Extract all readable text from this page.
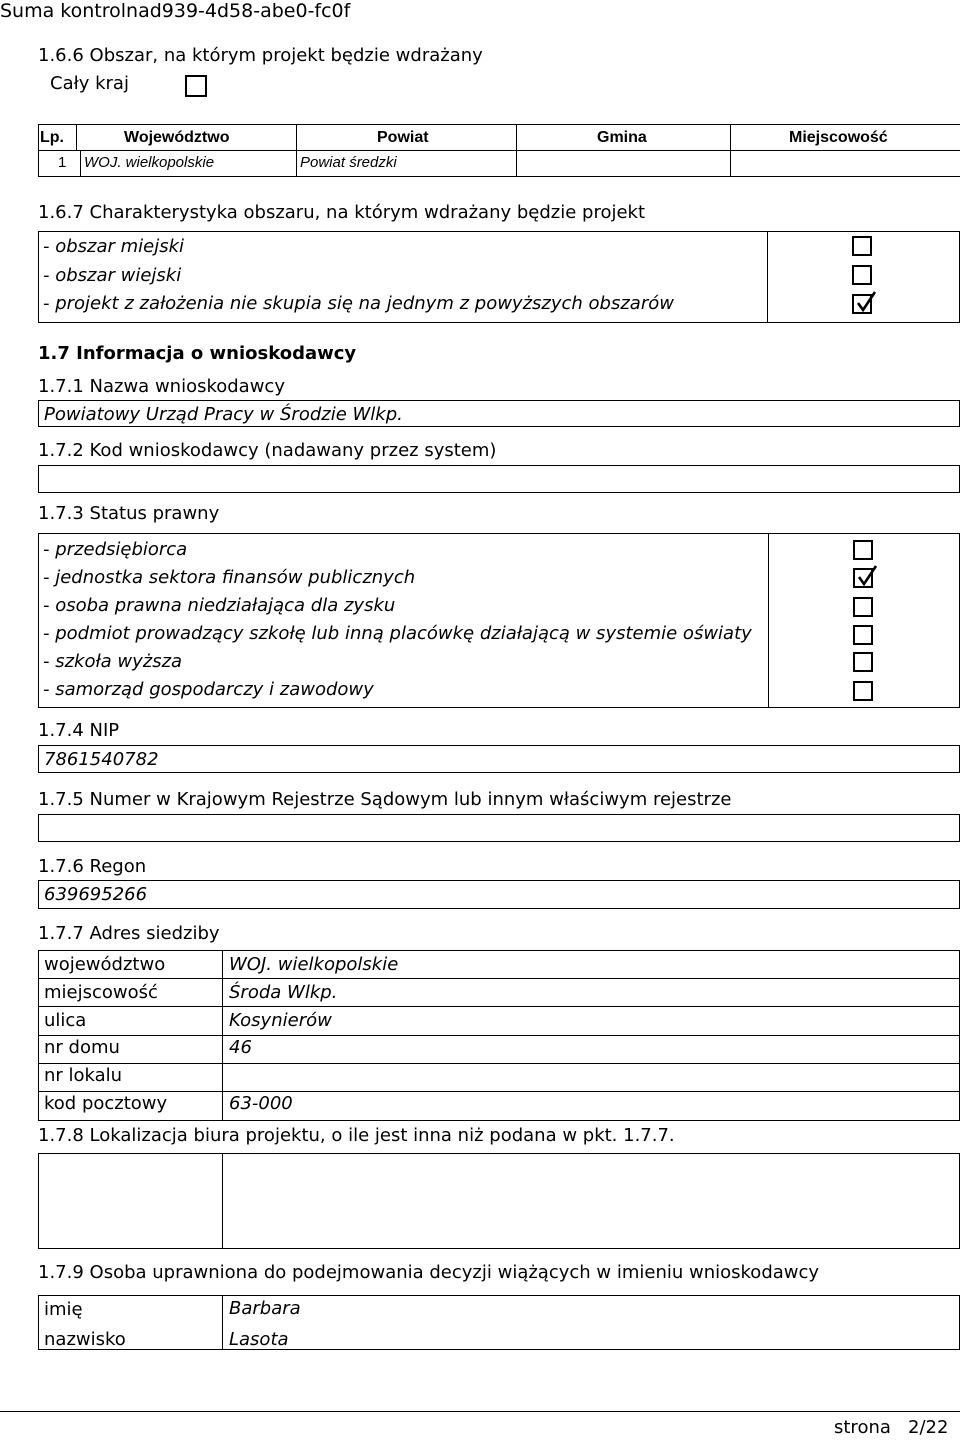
Suma kontrolnad939-4d58-abe0-fc0f
1.6.6 Obszar, na którym projekt będzie wdrażany
Cały kraj
Lp.	Województwo	Powiat	Gmina	Miejscowość
1 WOJ. wielkopolskie	Powiat średzki
1.6.7 Charakterystyka obszaru, na którym wdrażany będzie projekt
- obszar miejski
- obszar wiejski
- projekt z założenia nie skupia się na jednym z powyższych obszarów
1.7 Informacja o wnioskodawcy
1.7.1 Nazwa wnioskodawcy
Powiatowy Urząd Pracy w Środzie Wlkp.
1.7.2 Kod wnioskodawcy (nadawany przez system)
1.7.3 Status prawny
- przedsiębiorca
- jednostka sektora finansów publicznych
- osoba prawna niedziałająca dla zysku
- podmiot prowadzący szkołę lub inną placówkę działającą w systemie oświaty
- szkoła wyższa
- samorząd gospodarczy i zawodowy
1.7.4 NIP
7861540782
1.7.5 Numer w Krajowym Rejestrze Sądowym lub innym właściwym rejestrze
1.7.6 Regon
639695266
1.7.7 Adres siedziby
województwo	WOJ. wielkopolskie
miejscowość	Środa Wlkp.
ulica	Kosynierów
nr domu	46
nr lokalu
kod pocztowy	63-000
1.7.8 Lokalizacja biura projektu, o ile jest inna niż podana w pkt. 1.7.7.
1.7.9 Osoba uprawniona do podejmowania decyzji wiążących w imieniu wnioskodawcy
imię	Barbara
nazwisko	Lasota
strona 2/22
